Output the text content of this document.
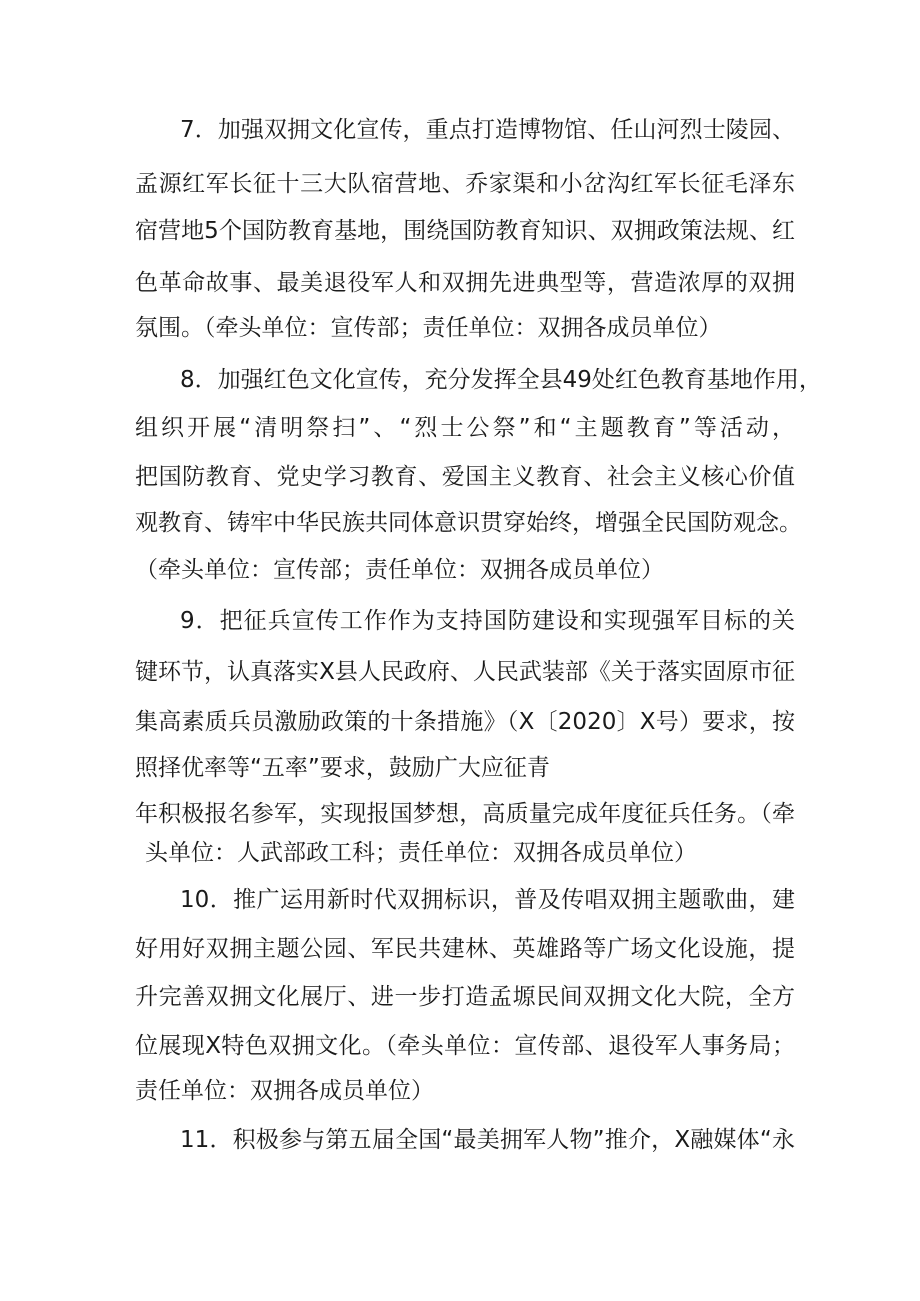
7．加强双拥文化宣传，重点打造博物馆、任山河烈士陵园、
孟源红军长征十三大队宿营地、乔家渠和小岔沟红军长征毛泽东
宿营地5个国防教育基地，围绕国防教育知识、双拥政策法规、红
色革命故事、最美退役军人和双拥先进典型等，营造浓厚的双拥
氛围。（牵头单位：宣传部；责任单位：双拥各成员单位）
8．加强红色文化宣传，充分发挥全县49处红色教育基地作用，
组织开展“清明祭扫”、“烈士公祭”和“主题教育”等活动，
把国防教育、党史学习教育、爱国主义教育、社会主义核心价值
观教育、铸牢中华民族共同体意识贯穿始终，增强全民国防观念。
（牵头单位：宣传部；责任单位：双拥各成员单位）
9．把征兵宣传工作作为支持国防建设和实现强军目标的关
键环节，认真落实X县人民政府、人民武装部《关于落实固原市征
集高素质兵员激励政策的十条措施》（X〔2020〕X号）要求，按
照择优率等“五率”要求，鼓励广大应征青
年积极报名参军，实现报国梦想，高质量完成年度征兵任务。（牵
头单位：人武部政工科；责任单位：双拥各成员单位）
10．推广运用新时代双拥标识，普及传唱双拥主题歌曲，建
好用好双拥主题公园、军民共建林、英雄路等广场文化设施，提
升完善双拥文化展厅、进一步打造孟塬民间双拥文化大院，全方
位展现X特色双拥文化。（牵头单位：宣传部、退役军人事务局；
责任单位：双拥各成员单位）
11．积极参与第五届全国“最美拥军人物”推介，X融媒体“永
